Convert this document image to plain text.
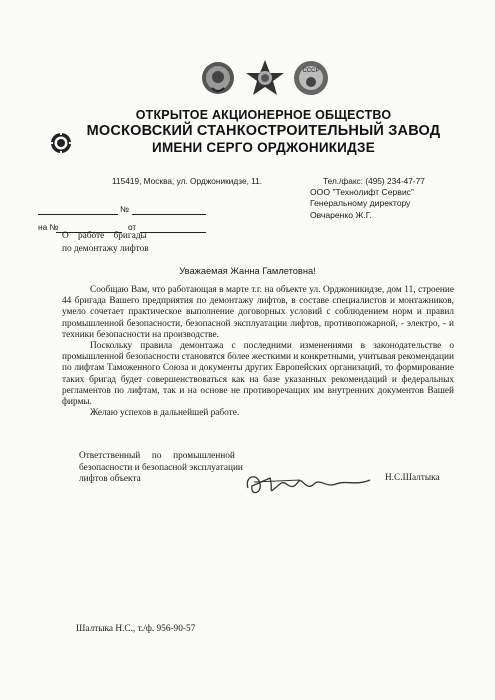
СССР
ОТКРЫТОЕ АКЦИОНЕРНОЕ ОБЩЕСТВО
МОСКОВСКИЙ СТАНКОСТРОИТЕЛЬНЫЙ ЗАВОД
ИМЕНИ СЕРГО ОРДЖОНИКИДЗЕ
115419, Москва, ул. Орджоникидзе, 11.	Тел./факс: (495) 234-47-77
ООО "Технолифт Сервис"
Генеральному директору
Овчаренко Ж.Г.
№
на №	от
О    работе    бригады
по демонтажу лифтов
Уважаемая Жанна Гамлетовна!

Сообщаю Вам, что работающая в марте т.г. на объекте ул. Орджоникидзе, дом 11, строение 44 бригада Вашего предприятия по демонтажу лифтов, в составе специалистов и монтажников, умело сочетает практическое выполнение договорных условий с соблюдением норм и правил промышленной безопасности, безопасной эксплуатации лифтов, противопожарной, - электро, - и техники безопасности на производстве.

Поскольку правила демонтажа с последними изменениями в законодательстве о промышленной безопасности становятся более жесткими и конкретными, учитывая рекомендации по лифтам Таможенного Союза и документы других Европейских организаций, то формирование таких бригад будет совершенствоваться как на базе указанных рекомендаций и федеральных регламентов по лифтам, так и на основе не противоречащих им внутренних документов Вашей фирмы.

Желаю успехов в дальнейшей работе.

Ответственный     по     промышленной
безопасности и безопасной эксплуатации
лифтов объекта	Н.С.Шалтыка
Шалтыка Н.С., т./ф. 956-90-57
